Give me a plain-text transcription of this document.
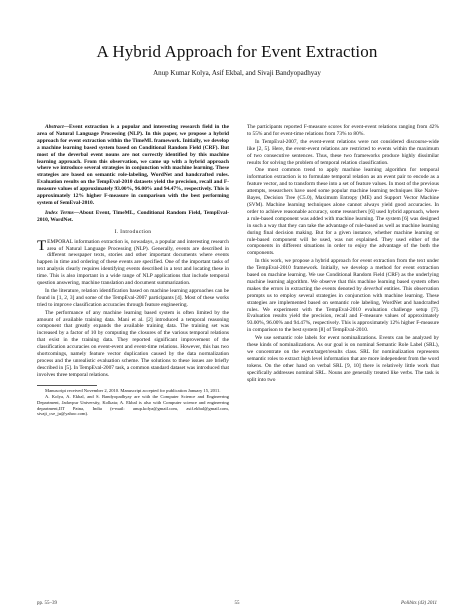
A Hybrid Approach for Event Extraction
Anup Kumar Kolya, Asif Ekbal, and Sivaji Bandyopadhyay

Abstract—Event extraction is a popular and interesting research field in the area of Natural Language Processing (NLP). In this paper, we propose a hybrid approach for event extraction within the TimeML framework. Initially, we develop a machine learning based system based on Conditional Random Field (CRF). But most of the deverbal event nouns are not correctly identified by this machine learning approach. From this observation, we came up with a hybrid approach where we introduce several strategies in conjunction with machine learning. These strategies are based on semantic role-labeling, WordNet and handcrafted rules. Evaluation results on the TempEval-2010 datasets yield the precision, recall and F-measure values of approximately 93.00%, 96.00% and 94.47%, respectively. This is approximately 12% higher F-measure in comparison with the best performing system of SemEval-2010.

Index Terms—About Event, TimeML, Conditional Random Field, TempEval-2010, WordNet.

I. Introduction

TEMPORAL information extraction is, nowadays, a popular and interesting research area of Natural Language Processing (NLP). Generally, events are described in different newspaper texts, stories and other important documents where events happen in time and ordering of these events are specified. One of the important tasks of text analysis clearly requires identifying events described in a text and locating these in time. This is also important in a wide range of NLP applications that include temporal question answering, machine translation and document summarization.

In the literature, relation identification based on machine learning approaches can be found in [1, 2, 3] and some of the TempEval-2007 participants [4]. Most of these works tried to improve classification accuracies through feature engineering.

The performance of any machine learning based system is often limited by the amount of available training data. Mani et al. [2] introduced a temporal reasoning component that greatly expands the available training data. The training set was increased by a factor of 10 by computing the closures of the various temporal relations that exist in the training data. They reported significant improvement of the classification accuracies on event-event and event-time relations. However, this has two shortcomings, namely feature vector duplication caused by the data normalization process and the unrealistic evaluation scheme. The solutions to these issues are briefly described in [5]. In TempEval-2007 task, a common standard dataset was introduced that involves three temporal relations.

Manuscript received November 2, 2010. Manuscript accepted for publication January 15, 2011.

A. Kolya, A. Ekbal, and S. Bandyopadhyay are with the Computer Science and Engineering Department, Jadavpur University, Kolkata; A. Ekbal is also with Computer science and engineering department,IIT Patna, India (e-mail: anup.kolya@gmail.com, asif.ekbal@gmail.com, sivaji_cse_ju@yahoo.com).

The participants reported F-measure scores for event-event relations ranging from 42% to 55% and for event-time relations from 73% to 80%.

In TempEval-2007, the event-event relations were not considered discourse-wide like [2, 5]. Here, the event-event relations are restricted to events within the maximum of two consecutive sentences. Thus, these two frameworks produce highly dissimilar results for solving the problem of temporal relation classification.

One most common trend to apply machine learning algorithm for temporal information extraction is to formulate temporal relation as an event pair to encode as a feature vector, and to transform these into a set of feature values. In most of the previous attempts, researchers have used some popular machine learning techniques like Naive-Bayes, Decision Tree (C5.0), Maximum Entropy (ME) and Support Vector Machine (SVM). Machine learning techniques alone cannot always yield good accuracies. In order to achieve reasonable accuracy, some researchers [6] used hybrid approach, where a rule-based component was added with machine learning. The system [6] was designed in such a way that they can take the advantage of rule-based as well as machine learning during final decision making. But for a given instance, whether machine learning or rule-based component will be used, was not explained. They used either of the components in different situations in order to enjoy the advantage of the both the components.

In this work, we propose a hybrid approach for event extraction from the text under the TempEval-2010 framework. Initially, we develop a method for event extraction based on machine learning. We use Conditional Random Field (CRF) as the underlying machine learning algorithm. We observe that this machine learning based system often makes the errors in extracting the events denoted by deverbal entities. This observation prompts us to employ several strategies in conjunction with machine learning. These strategies are implemented based on semantic role labeling, WordNet and handcrafted rules. We experiment with the TempEval-2010 evaluation challenge setup [7]. Evaluation results yield the precision, recall and F-measure values of approximately 93.00%, 96.00% and 94.47%, respectively. This is approximately 12% higher F-measure in comparison to the best system [8] of TempEval-2010.

We use semantic role labels for event nominalizations. Events can be analyzed by these kinds of nominalizations. As our goal is on nominal Semantic Role Label (SRL), we concentrate on the event/target/results class. SRL for nominalization represents semantic roles to extract high level information that are more independent from the word tokens. On the other hand on verbal SRL [9, 10] there is relatively little work that specifically addresses nominal SRL. Nouns are generally treated like verbs. The task is split into two

pp. 55–39	55	Polibits (43) 2011
